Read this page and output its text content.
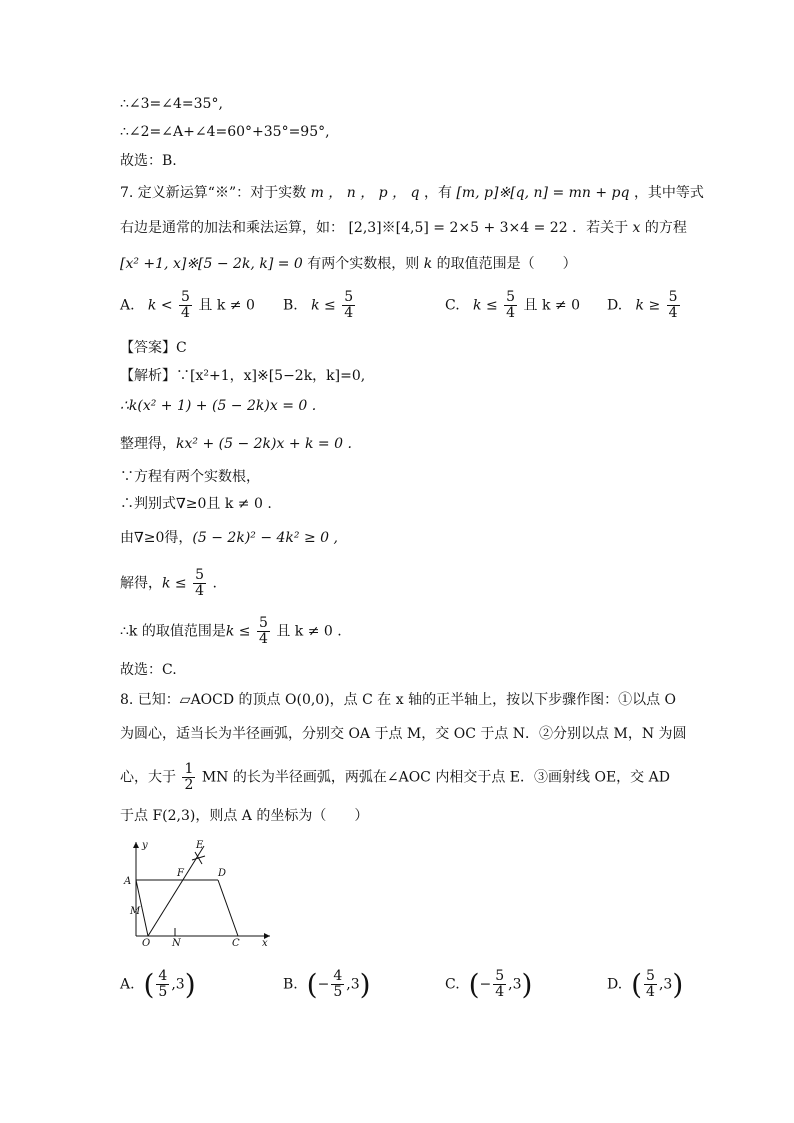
∴∠3=∠4=35°,
∴∠2=∠A+∠4=60°+35°=95°,
故选：B.
7. 定义新运算“※”：对于实数 m ， n ， p ， q ，有 [m, p]※[q, n] = mn + pq ，其中等式
右边是通常的加法和乘法运算，如： [2,3]※[4,5] = 2×5 + 3×4 = 22 ．若关于 x 的方程
[x² +1, x]※[5 − 2k, k] = 0 有两个实数根，则 k 的取值范围是（　　）
A. $k < \frac{5}{4}$ 且 k ≠ 0 B. $k \le \frac{5}{4}$	C. $k \le \frac{5}{4}$ 且 k ≠ 0 D. $k \ge \frac{5}{4}$
【答案】C
【解析】∵[x²+1，x]※[5−2k，k]=0,
∴k(x² + 1) + (5 − 2k)x = 0 .
整理得，kx² + (5 − 2k)x + k = 0 .
∵方程有两个实数根，
∴判别式∇≥0且 k ≠ 0 .
由∇≥0得，(5 − 2k)² − 4k² ≥ 0 ,
解得，$k \le \frac{5}{4}$ .
∴k 的取值范围是$k \le \frac{5}{4}$ 且 k ≠ 0 .
故选：C.
8. 已知：▱AOCD 的顶点 O(0,0)，点 C 在 x 轴的正半轴上，按以下步骤作图：①以点 O
为圆心，适当长为半径画弧，分别交 OA 于点 M，交 OC 于点 N．②分别以点 M，N 为圆
心，大于 $\frac{1}{2}$ MN 的长为半径画弧，两弧在∠AOC 内相交于点 E．③画射线 OE，交 AD
于点 F(2,3)，则点 A 的坐标为（　　）
y
x
A
F	D
E
M
O N	C
A. ( $\frac{4}{5} ,3$)	B. (− $\frac{4}{5} ,3$)	C. (− $\frac{5}{4} ,3$)	D. ( $\frac{5}{4} ,3$)
